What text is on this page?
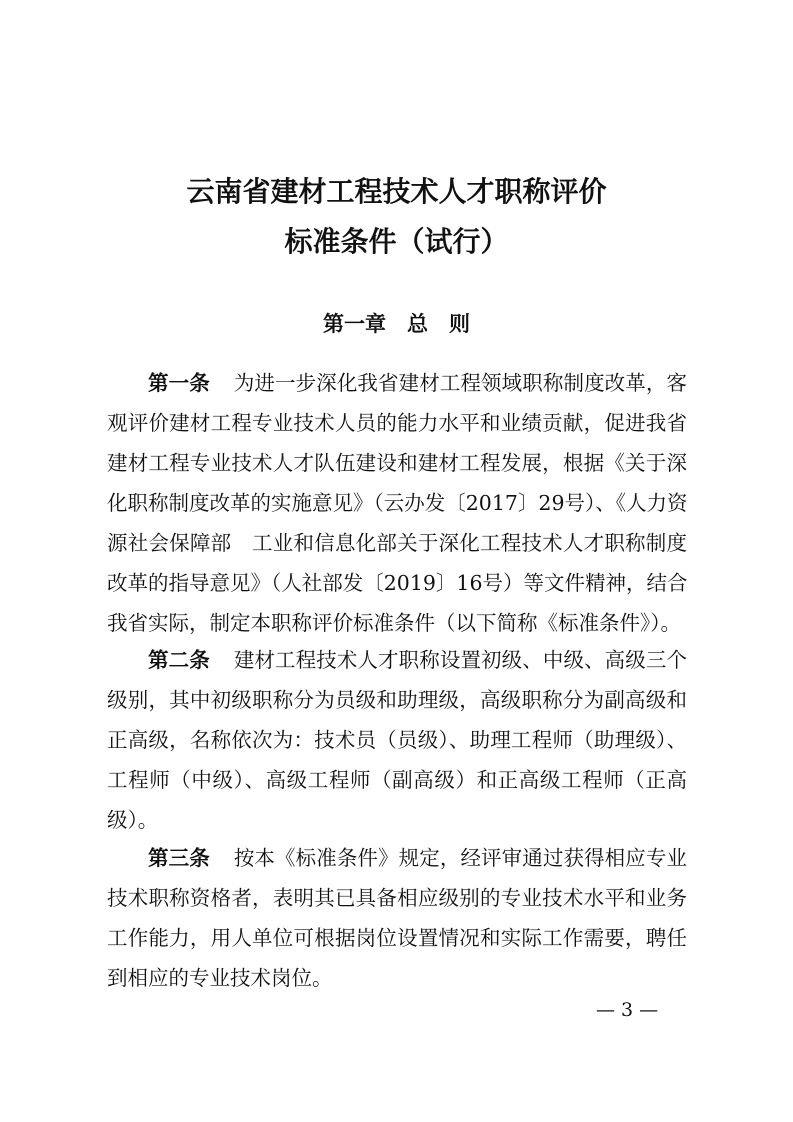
云南省建材工程技术人才职称评价
标准条件（试行）
第一章　总　则
第一条 为进一步深化我省建材工程领域职称制度改革，客
观评价建材工程专业技术人员的能力水平和业绩贡献，促进我省
建材工程专业技术人才队伍建设和建材工程发展，根据《关于深
化职称制度改革的实施意见》（云办发〔2017〕29号）、《人力资
源社会保障部　工业和信息化部关于深化工程技术人才职称制度
改革的指导意见》（人社部发〔2019〕16号）等文件精神，结合
我省实际，制定本职称评价标准条件（以下简称《标准条件》）。
第二条 建材工程技术人才职称设置初级、中级、高级三个
级别，其中初级职称分为员级和助理级，高级职称分为副高级和
正高级，名称依次为：技术员（员级）、助理工程师（助理级）、
工程师（中级）、高级工程师（副高级）和正高级工程师（正高
级）。
第三条 按本《标准条件》规定，经评审通过获得相应专业
技术职称资格者，表明其已具备相应级别的专业技术水平和业务
工作能力，用人单位可根据岗位设置情况和实际工作需要，聘任
到相应的专业技术岗位。
— 3 —
